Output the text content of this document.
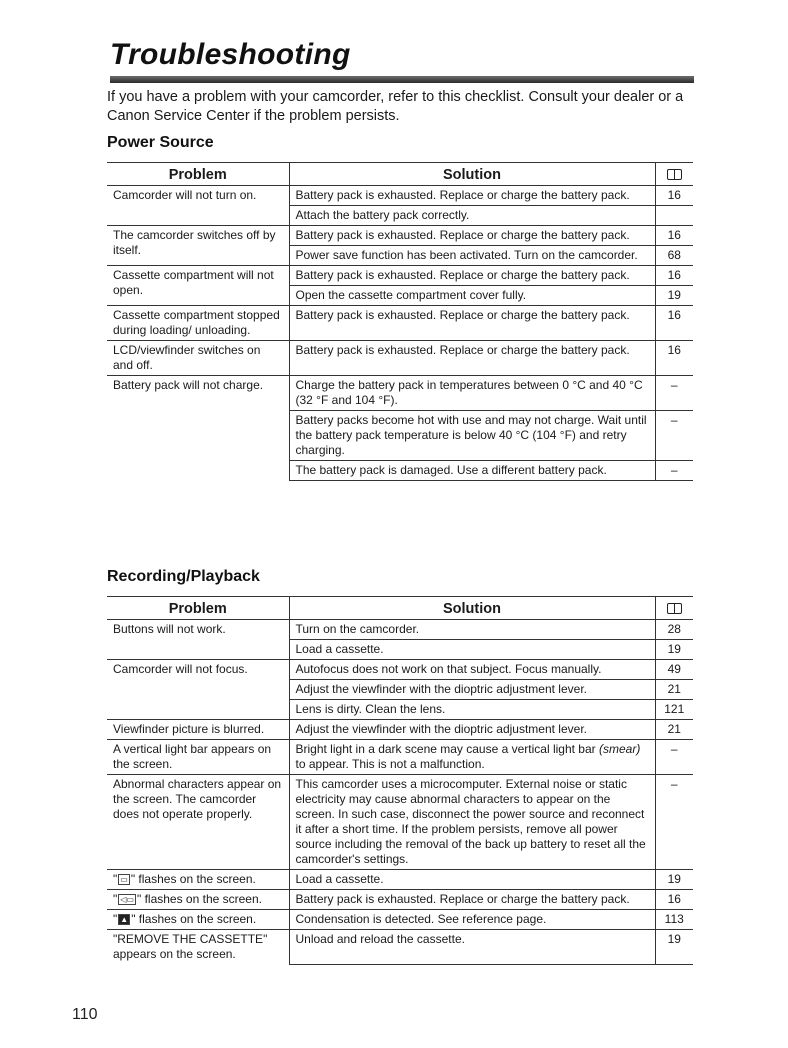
Troubleshooting

If you have a problem with your camcorder, refer to this checklist. Consult your dealer or a Canon Service Center if the problem persists.

Power Source
Problem	Solution	
Camcorder will not turn on.	Battery pack is exhausted. Replace or charge the battery pack.	16
	Attach the battery pack correctly.	
The camcorder switches off by itself.	Battery pack is exhausted. Replace or charge the battery pack.	16
	Power save function has been activated. Turn on the camcorder.	68
Cassette compartment will not open.	Battery pack is exhausted. Replace or charge the battery pack.	16
	Open the cassette compartment cover fully.	19
Cassette compartment stopped during loading/ unloading.	Battery pack is exhausted. Replace or charge the battery pack.	16
LCD/viewfinder switches on and off.	Battery pack is exhausted. Replace or charge the battery pack.	16
Battery pack will not charge.	Charge the battery pack in temperatures between 0 °C and 40 °C (32 °F and 104 °F).	–
	Battery packs become hot with use and may not charge. Wait until the battery pack temperature is below 40 °C (104 °F) and retry charging.	–
	The battery pack is damaged. Use a different battery pack.	–
Recording/Playback
Problem	Solution	
Buttons will not work.	Turn on the camcorder.	28
	Load a cassette.	19
Camcorder will not focus.	Autofocus does not work on that subject. Focus manually.	49
	Adjust the viewfinder with the dioptric adjustment lever.	21
	Lens is dirty. Clean the lens.	121
Viewfinder picture is blurred.	Adjust the viewfinder with the dioptric adjustment lever.	21
A vertical light bar appears on the screen.	Bright light in a dark scene may cause a vertical light bar (smear) to appear. This is not a malfunction.	–
Abnormal characters appear on the screen. The camcorder does not operate properly.	This camcorder uses a microcomputer. External noise or static electricity may cause abnormal characters to appear on the screen. In such case, disconnect the power source and reconnect it after a short time. If the problem persists, remove all power source including the removal of the back up battery to reset all the camcorder's settings.	–
" ▭ " flashes on the screen.	Load a cassette.	19
" ◁▭ " flashes on the screen.	Battery pack is exhausted. Replace or charge the battery pack.	16
" ▲ " flashes on the screen.	Condensation is detected. See reference page.	113
"REMOVE THE CASSETTE" appears on the screen.	Unload and reload the cassette.	19
110
